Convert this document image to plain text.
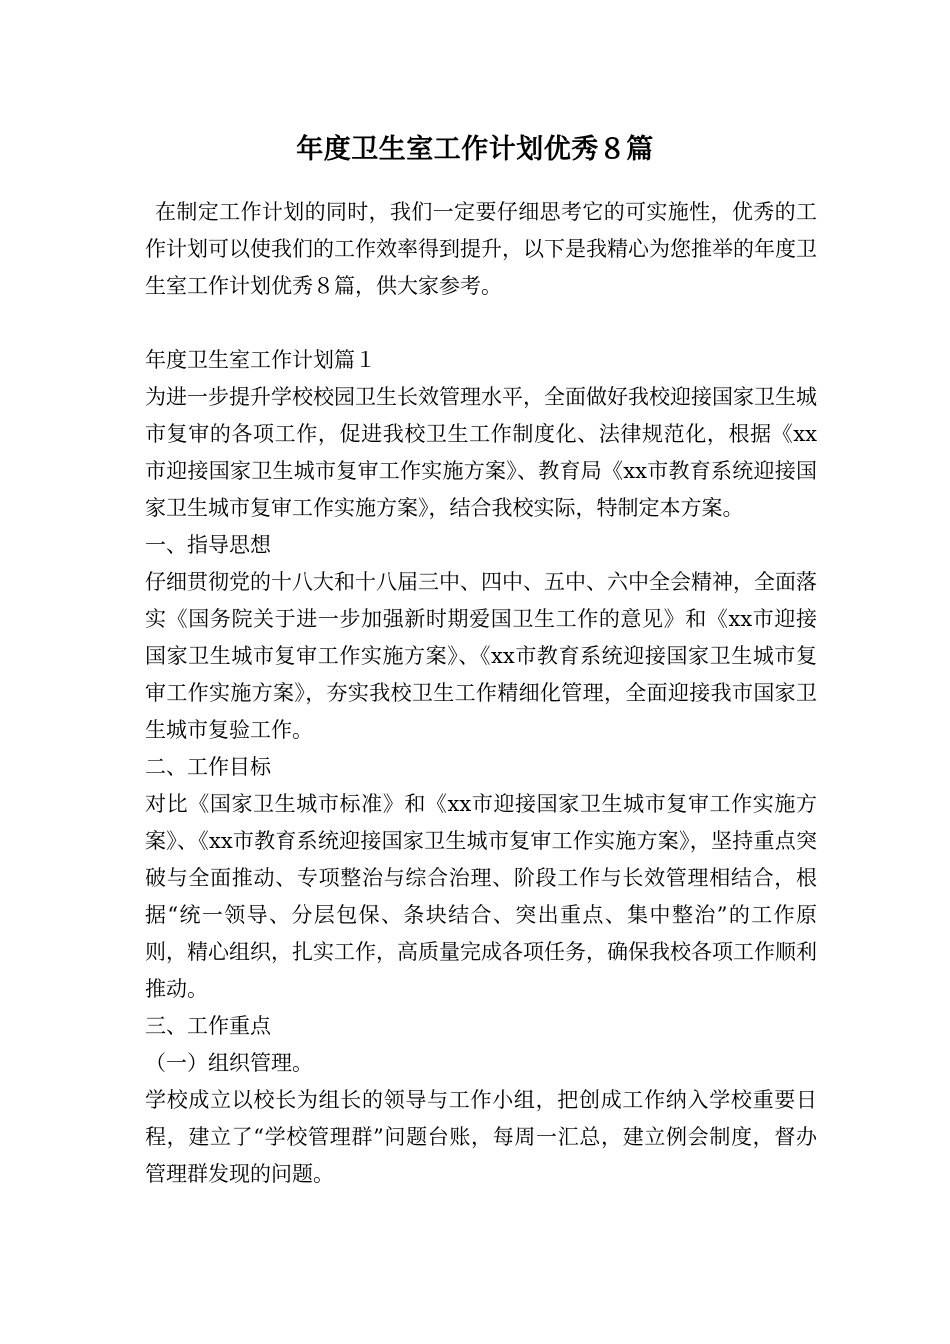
年度卫生室工作计划优秀８篇

在制定工作计划的同时，我们一定要仔细思考它的可实施性，优秀的工作计划可以使我们的工作效率得到提升，以下是我精心为您推举的年度卫生室工作计划优秀８篇，供大家参考。

年度卫生室工作计划篇１

为进一步提升学校校园卫生长效管理水平，全面做好我校迎接国家卫生城市复审的各项工作，促进我校卫生工作制度化、法律规范化，根据《xx市迎接国家卫生城市复审工作实施方案》、教育局《xx市教育系统迎接国家卫生城市复审工作实施方案》，结合我校实际，特制定本方案。

一、指导思想

仔细贯彻党的十八大和十八届三中、四中、五中、六中全会精神，全面落实《国务院关于进一步加强新时期爱国卫生工作的意见》和《xx市迎接国家卫生城市复审工作实施方案》、《xx市教育系统迎接国家卫生城市复审工作实施方案》，夯实我校卫生工作精细化管理，全面迎接我市国家卫生城市复验工作。

二、工作目标

对比《国家卫生城市标准》和《xx市迎接国家卫生城市复审工作实施方案》、《xx市教育系统迎接国家卫生城市复审工作实施方案》，坚持重点突破与全面推动、专项整治与综合治理、阶段工作与长效管理相结合，根据“统一领导、分层包保、条块结合、突出重点、集中整治”的工作原则，精心组织，扎实工作，高质量完成各项任务，确保我校各项工作顺利推动。

三、工作重点

（一）组织管理。

学校成立以校长为组长的领导与工作小组，把创成工作纳入学校重要日程，建立了“学校管理群”问题台账，每周一汇总，建立例会制度，督办管理群发现的问题。
